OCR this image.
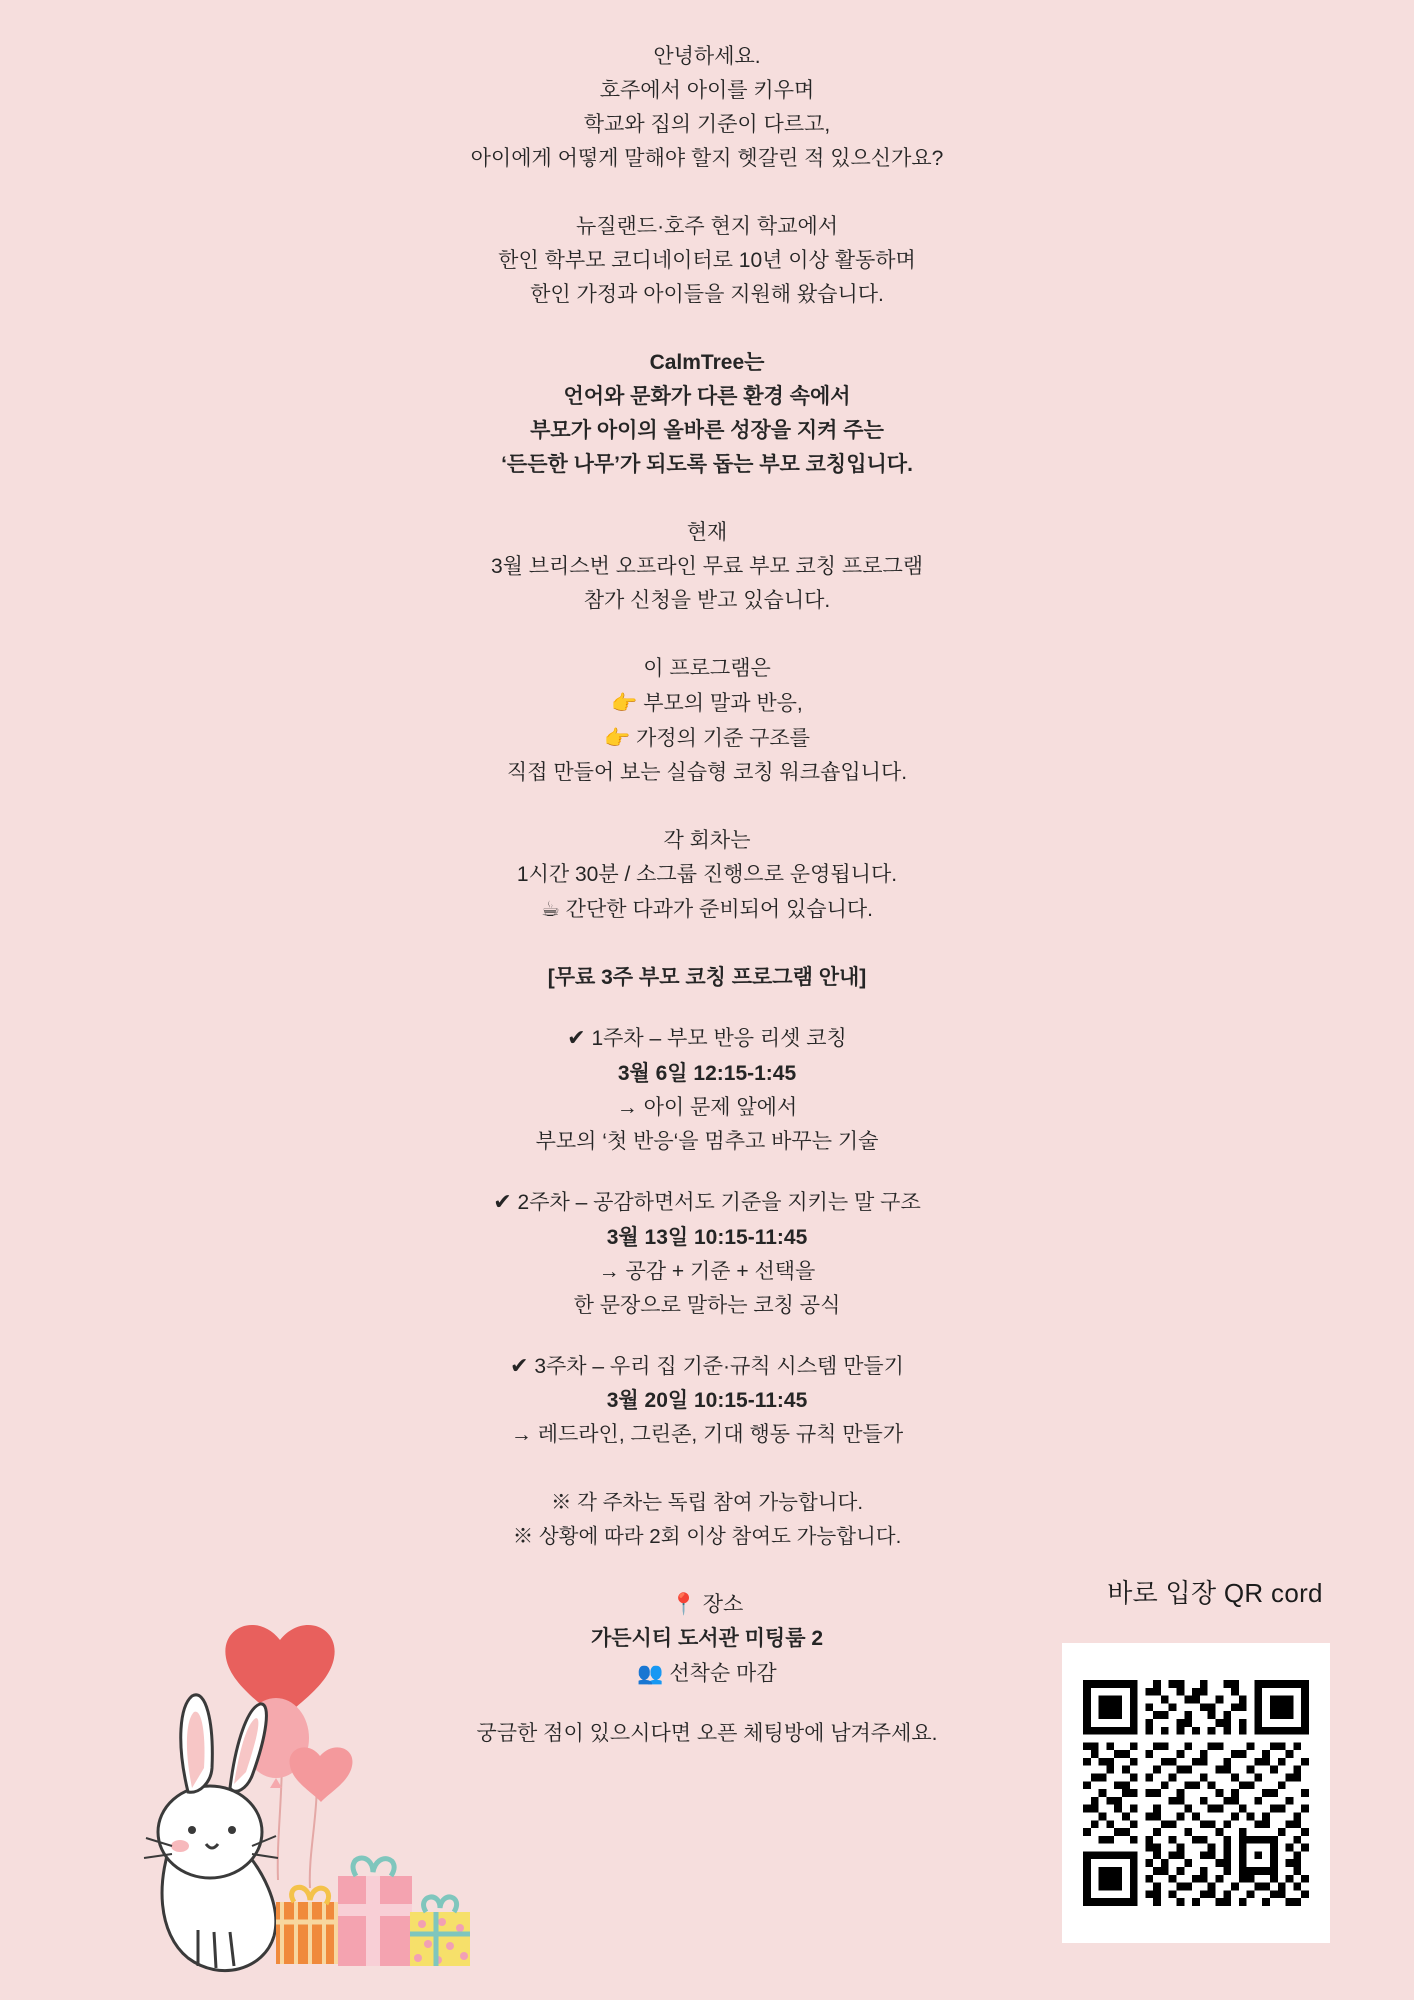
안녕하세요.
호주에서 아이를 키우며
학교와 집의 기준이 다르고,
아이에게 어떻게 말해야 할지 헷갈린 적 있으신가요?
뉴질랜드·호주 현지 학교에서
한인 학부모 코디네이터로 10년 이상 활동하며
한인 가정과 아이들을 지원해 왔습니다.
CalmTree는
언어와 문화가 다른 환경 속에서
부모가 아이의 올바른 성장을 지켜 주는
‘든든한 나무’가 되도록 돕는 부모 코칭입니다.
현재
3월 브리스번 오프라인 무료 부모 코칭 프로그램
참가 신청을 받고 있습니다.
이 프로그램은
👉 부모의 말과 반응,
👉 가정의 기준 구조를
직접 만들어 보는 실습형 코칭 워크숍입니다.
각 회차는
1시간 30분 / 소그룹 진행으로 운영됩니다.
☕ 간단한 다과가 준비되어 있습니다.
[무료 3주 부모 코칭 프로그램 안내]
✔ 1주차 – 부모 반응 리셋 코칭
3월 6일 12:15-1:45
→ 아이 문제 앞에서
부모의 ‘첫 반응‘을 멈추고 바꾸는 기술
✔ 2주차 – 공감하면서도 기준을 지키는 말 구조
3월 13일 10:15-11:45
→ 공감 + 기준 + 선택을
한 문장으로 말하는 코칭 공식
✔ 3주차 – 우리 집 기준·규칙 시스템 만들기
3월 20일 10:15-11:45
→ 레드라인, 그린존, 기대 행동 규칙 만들가
※ 각 주차는 독립 참여 가능합니다.
※ 상황에 따라 2회 이상 참여도 가능합니다.
📍 장소
가든시티 도서관 미팅룸 2
👥 선착순 마감
궁금한 점이 있으시다면 오픈 체팅방에 남겨주세요.
바로 입장 QR cord
